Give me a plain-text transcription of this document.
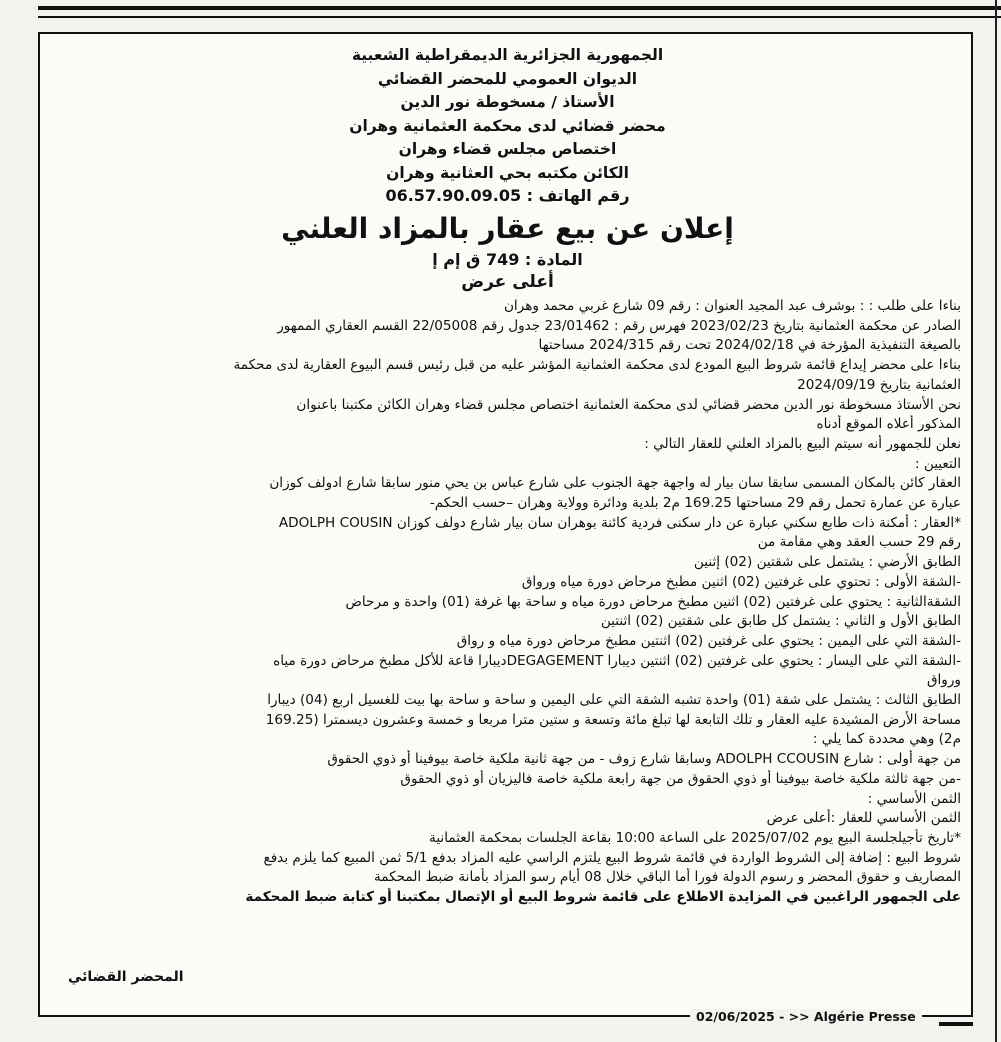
الجمهورية الجزائرية الديمقراطية الشعبية
الديوان العمومي للمحضر القضائي
الأستاذ / مسخوطة نور الدين
محضر قضائي لدى محكمة العثمانية وهران
اختصاص مجلس قضاء وهران
الكائن مكتبه بحي العثانية وهران
رقم الهاتف : 06.57.90.09.05
إعلان عن بيع عقار بالمزاد العلني
المادة : 749 ق إم إ
أعلى عرض
بناءا على طلب : : بوشرف عبد المجيد العنوان : رقم 09 شارع غربي محمد وهران
الصادر عن محكمة العثمانية بتاريخ 2023/02/23 فهرس رقم : 23/01462 جدول رقم 22/05008 القسم العقاري الممهور
بالصيغة التنفيذية المؤرخة في 2024/02/18 تحت رقم 2024/315 مساحتها
بناءا على محضر إيداع قائمة شروط البيع المودع لدى محكمة العثمانية المؤشر عليه من قبل رئيس قسم البيوع العقارية لدى محكمة
العثمانية بتاريخ 2024/09/19
نحن الأستاذ مسخوطة نور الدين محضر قضائي لدى محكمة العثمانية اختصاص مجلس قضاء وهران الكائن مكتبنا باعنوان
المذكور أعلاه الموقع أدناه
نعلن للجمهور أنه سيتم البيع بالمزاد العلني للعقار التالي :
التعيين :
العقار كائن بالمكان المسمى سابقا سان بيار له واجهة جهة الجنوب على شارع عباس بن يحي منور سابقا شارع ادولف كوزان
عبارة عن عمارة تحمل رقم 29 مساحتها 169.25 م2 بلدية ودائرة وولاية وهران –حسب الحكم-
*العقار : أمكنة ذات طابع سكني عبارة عن دار سكنى فردية كائنة بوهران سان بيار شارع دولف كوزان ADOLPH COUSIN
رقم 29 حسب العقد وهي مقامة من
الطابق الأرضي : يشتمل على شقتين (02) إثنين
-الشقة الأولى : تحتوي على غرفتين (02) اثنين مطبخ مرحاض دورة مياه ورواق
الشقةالثانية : يحتوي على غرفتين (02) اثنين مطبخ مرحاض دورة مياه و ساحة بها غرفة (01) واحدة و مرحاض
الطابق الأول و الثاني : يشتمل كل طابق على شقتين (02) اثنتين
-الشقة التي على اليمين : يحتوي على غرفتين (02) اثنتين مطبخ مرحاض دورة مياه و رواق
-الشقة التي على اليسار : يحتوي على غرفتين (02) اثنتين ديبارا DEGAGEMENTديبارا قاعة للأكل مطبخ مرحاض دورة مياه
ورواق
الطابق الثالث : يشتمل على شقة (01) واحدة تشبه الشقة التي على اليمين و ساحة و ساحة بها بيت للغسيل اربع (04) ديبارا
مساحة الأرض المشيدة عليه العقار و تلك التابعة لها تبلغ مائة وتسعة و ستين مترا مربعا و خمسة وعشرون ديسمترا (169.25
م2) وهي محددة كما يلي :
من جهة أولى : شارع ADOLPH CCOUSIN وسابقا شارع زوف - من جهة ثانية ملكية خاصة بيوفينا أو ذوي الحقوق
-من جهة ثالثة ملكية خاصة بيوفينا أو ذوي الحقوق من جهة رابعة ملكية خاصة فاليزيان أو ذوي الحقوق
الثمن الأساسي :
الثمن الأساسي للعقار :أعلى عرض
*تاريخ تأجيلجلسة البيع يوم 2025/07/02 على الساعة 10:00 بقاعة الجلسات بمحكمة العثمانية
شروط البيع : إضافة إلى الشروط الواردة في قائمة شروط البيع يلتزم الراسي عليه المزاد بدفع 5/1 ثمن المبيع كما يلزم بدفع
المصاريف و حقوق المحضر و رسوم الدولة فورا أما الباقي خلال 08 أيام رسو المزاد بأمانة ضبط المحكمة
على الجمهور الراغبين في المزايدة الاطلاع على قائمة شروط البيع أو الإتصال بمكتبنا أو كتابة ضبط المحكمة
المحضر القضائي
02/06/2025 - >> Algérie Presse
